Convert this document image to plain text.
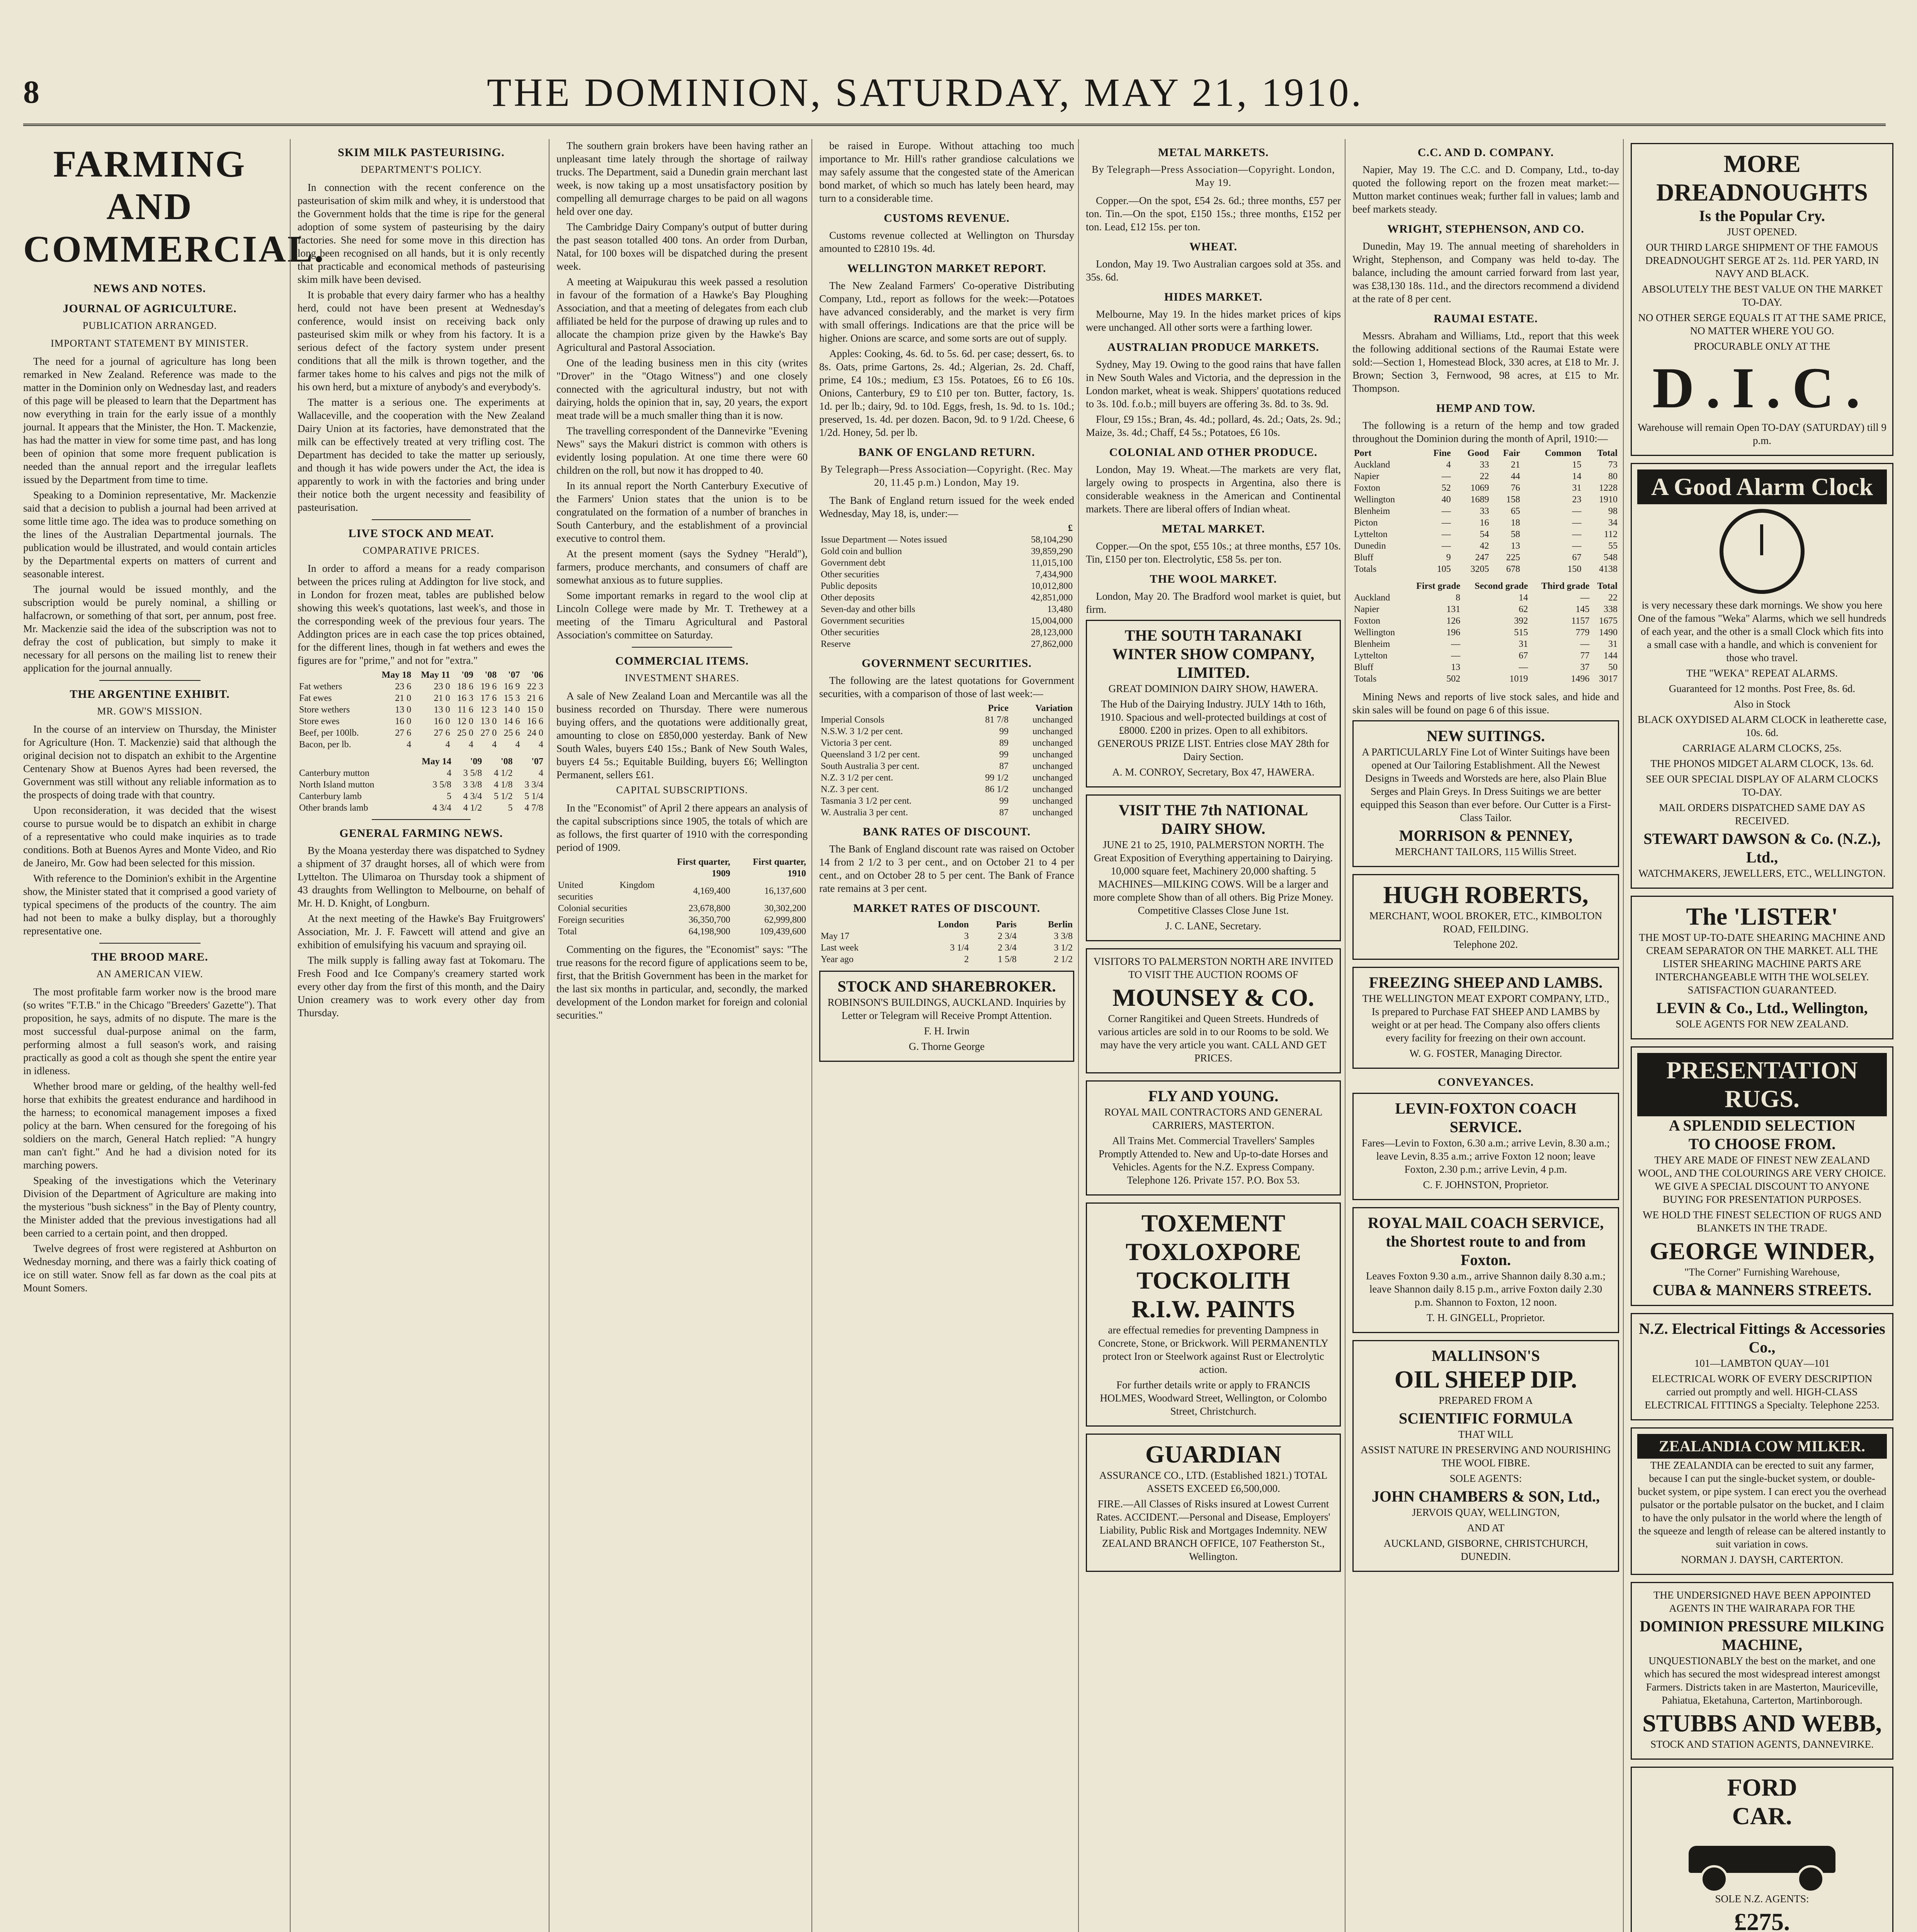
8	THE DOMINION, SATURDAY, MAY 21, 1910.
FARMING AND COMMERCIAL.
NEWS AND NOTES.
JOURNAL OF AGRICULTURE.
PUBLICATION ARRANGED.
IMPORTANT STATEMENT BY MINISTER.

The need for a journal of agriculture has long been remarked in New Zealand. Reference was made to the matter in the Dominion only on Wednesday last, and readers of this page will be pleased to learn that the Department has now everything in train for the early issue of a monthly journal. It appears that the Minister, the Hon. T. Mackenzie, has had the matter in view for some time past, and has long been of opinion that some more frequent publication is needed than the annual report and the irregular leaflets issued by the Department from time to time.

Speaking to a Dominion representative, Mr. Mackenzie said that a decision to publish a journal had been arrived at some little time ago. The idea was to produce something on the lines of the Australian Departmental journals. The publication would be illustrated, and would contain articles by the Departmental experts on matters of current and seasonable interest.

The journal would be issued monthly, and the subscription would be purely nominal, a shilling or halfacrown, or something of that sort, per annum, post free. Mr. Mackenzie said the idea of the subscription was not to defray the cost of publication, but simply to make it necessary for all persons on the mailing list to renew their application for the journal annually.

THE ARGENTINE EXHIBIT.
MR. GOW'S MISSION.

In the course of an interview on Thursday, the Minister for Agriculture (Hon. T. Mackenzie) said that although the original decision not to dispatch an exhibit to the Argentine Centenary Show at Buenos Ayres had been reversed, the Government was still without any reliable information as to the prospects of doing trade with that country.

Upon reconsideration, it was decided that the wisest course to pursue would be to dispatch an exhibit in charge of a representative who could make inquiries as to trade conditions. Both at Buenos Ayres and Monte Video, and Rio de Janeiro, Mr. Gow had been selected for this mission.

With reference to the Dominion's exhibit in the Argentine show, the Minister stated that it comprised a good variety of typical specimens of the products of the country. The aim had not been to make a bulky display, but a thoroughly representative one.

THE BROOD MARE.
AN AMERICAN VIEW.

The most profitable farm worker now is the brood mare (so writes "F.T.B." in the Chicago "Breeders' Gazette"). That proposition, he says, admits of no dispute. The mare is the most successful dual-purpose animal on the farm, performing almost a full season's work, and raising practically as good a colt as though she spent the entire year in idleness.

Whether brood mare or gelding, of the healthy well-fed horse that exhibits the greatest endurance and hardihood in the harness; to economical management imposes a fixed policy at the barn. When censured for the foregoing of his soldiers on the march, General Hatch replied: "A hungry man can't fight." And he had a division noted for its marching powers.

Speaking of the investigations which the Veterinary Division of the Department of Agriculture are making into the mysterious "bush sickness" in the Bay of Plenty country, the Minister added that the previous investigations had all been carried to a certain point, and then dropped.

Twelve degrees of frost were registered at Ashburton on Wednesday morning, and there was a fairly thick coating of ice on still water. Snow fell as far down as the coal pits at Mount Somers.

SKIM MILK PASTEURISING.
DEPARTMENT'S POLICY.

In connection with the recent conference on the pasteurisation of skim milk and whey, it is understood that the Government holds that the time is ripe for the general adoption of some system of pasteurising by the dairy factories. She need for some move in this direction has long been recognised on all hands, but it is only recently that practicable and economical methods of pasteurising skim milk have been devised.

It is probable that every dairy farmer who has a healthy herd, could not have been present at Wednesday's conference, would insist on receiving back only pasteurised skim milk or whey from his factory. It is a serious defect of the factory system under present conditions that all the milk is thrown together, and the farmer takes home to his calves and pigs not the milk of his own herd, but a mixture of anybody's and everybody's.

The matter is a serious one. The experiments at Wallaceville, and the cooperation with the New Zealand Dairy Union at its factories, have demonstrated that the milk can be effectively treated at very trifling cost. The Department has decided to take the matter up seriously, and though it has wide powers under the Act, the idea is apparently to work in with the factories and bring under their notice both the urgent necessity and feasibility of pasteurisation.

LIVE STOCK AND MEAT.
COMPARATIVE PRICES.

In order to afford a means for a ready comparison between the prices ruling at Addington for live stock, and in London for frozen meat, tables are published below showing this week's quotations, last week's, and those in the corresponding week of the previous four years. The Addington prices are in each case the top prices obtained, for the different lines, though in fat wethers and ewes the figures are for "prime," and not for "extra."

	May 18	May 11	'09	'08	'07	'06
Fat wethers	23 6	23 0	18 6	19 6	16 9	22 3
Fat ewes	21 0	21 0	16 3	17 6	15 3	21 6
Store wethers	13 0	13 0	11 6	12 3	14 0	15 0
Store ewes	16 0	16 0	12 0	13 0	14 6	16 6
Beef, per 100lb.	27 6	27 6	25 0	27 0	25 6	24 0
Bacon, per lb.	4	4	4	4	4	4
	May 14	'09	'08	'07
Canterbury mutton	4	3 5/8	4 1/2	4
North Island mutton	3 5/8	3 3/8	4 1/8	3 3/4
Canterbury lamb	5	4 3/4	5 1/2	5 1/4
Other brands lamb	4 3/4	4 1/2	5	4 7/8
GENERAL FARMING NEWS.

By the Moana yesterday there was dispatched to Sydney a shipment of 37 draught horses, all of which were from Lyttelton. The Ulimaroa on Thursday took a shipment of 43 draughts from Wellington to Melbourne, on behalf of Mr. H. D. Knight, of Longburn.

At the next meeting of the Hawke's Bay Fruitgrowers' Association, Mr. J. F. Fawcett will attend and give an exhibition of emulsifying his vacuum and spraying oil.

The milk supply is falling away fast at Tokomaru. The Fresh Food and Ice Company's creamery started work every other day from the first of this month, and the Dairy Union creamery was to work every other day from Thursday.

The southern grain brokers have been having rather an unpleasant time lately through the shortage of railway trucks. The Department, said a Dunedin grain merchant last week, is now taking up a most unsatisfactory position by compelling all demurrage charges to be paid on all wagons held over one day.

The Cambridge Dairy Company's output of butter during the past season totalled 400 tons. An order from Durban, Natal, for 100 boxes will be dispatched during the present week.

A meeting at Waipukurau this week passed a resolution in favour of the formation of a Hawke's Bay Ploughing Association, and that a meeting of delegates from each club affiliated be held for the purpose of drawing up rules and to allocate the champion prize given by the Hawke's Bay Agricultural and Pastoral Association.

One of the leading business men in this city (writes "Drover" in the "Otago Witness") and one closely connected with the agricultural industry, but not with dairying, holds the opinion that in, say, 20 years, the export meat trade will be a much smaller thing than it is now.

The travelling correspondent of the Dannevirke "Evening News" says the Makuri district is common with others is evidently losing population. At one time there were 60 children on the roll, but now it has dropped to 40.

In its annual report the North Canterbury Executive of the Farmers' Union states that the union is to be congratulated on the formation of a number of branches in South Canterbury, and the establishment of a provincial executive to control them.

At the present moment (says the Sydney "Herald"), farmers, produce merchants, and consumers of chaff are somewhat anxious as to future supplies.

Some important remarks in regard to the wool clip at Lincoln College were made by Mr. T. Trethewey at a meeting of the Timaru Agricultural and Pastoral Association's committee on Saturday.

COMMERCIAL ITEMS.
INVESTMENT SHARES.

A sale of New Zealand Loan and Mercantile was all the business recorded on Thursday. There were numerous buying offers, and the quotations were additionally great, amounting to close on £850,000 yesterday. Bank of New South Wales, buyers £40 15s.; Bank of New South Wales, buyers £4 5s.; Equitable Building, buyers £6; Wellington Permanent, sellers £61.

CAPITAL SUBSCRIPTIONS.

In the "Economist" of April 2 there appears an analysis of the capital subscriptions since 1905, the totals of which are as follows, the first quarter of 1910 with the corresponding period of 1909.

	First quarter, 1909	First quarter, 1910
United Kingdom securities	4,169,400	16,137,600
Colonial securities	23,678,800	30,302,200
Foreign securities	36,350,700	62,999,800
Total	64,198,900	109,439,600

Commenting on the figures, the "Economist" says: "The true reasons for the record figure of applications seem to be, first, that the British Government has been in the market for the last six months in particular, and, secondly, the marked development of the London market for foreign and colonial securities."

be raised in Europe. Without attaching too much importance to Mr. Hill's rather grandiose calculations we may safely assume that the congested state of the American bond market, of which so much has lately been heard, may turn to a considerable time.

CUSTOMS REVENUE.

Customs revenue collected at Wellington on Thursday amounted to £2810 19s. 4d.

WELLINGTON MARKET REPORT.

The New Zealand Farmers' Co-operative Distributing Company, Ltd., report as follows for the week:—Potatoes have advanced considerably, and the market is very firm with small offerings. Indications are that the price will be higher. Onions are scarce, and some sorts are out of supply.

Apples: Cooking, 4s. 6d. to 5s. 6d. per case; dessert, 6s. to 8s. Oats, prime Gartons, 2s. 4d.; Algerian, 2s. 2d. Chaff, prime, £4 10s.; medium, £3 15s. Potatoes, £6 to £6 10s. Onions, Canterbury, £9 to £10 per ton. Butter, factory, 1s. 1d. per lb.; dairy, 9d. to 10d. Eggs, fresh, 1s. 9d. to 1s. 10d.; preserved, 1s. 4d. per dozen. Bacon, 9d. to 9 1/2d. Cheese, 6 1/2d. Honey, 5d. per lb.

BANK OF ENGLAND RETURN.
By Telegraph—Press Association—Copyright. (Rec. May 20, 11.45 p.m.) London, May 19.

The Bank of England return issued for the week ended Wednesday, May 18, is, under:—

	£
Issue Department — Notes issued	58,104,290
Gold coin and bullion	39,859,290
Government debt	11,015,100
Other securities	7,434,900
Public deposits	10,012,800
Other deposits	42,851,000
Seven-day and other bills	13,480
Government securities	15,004,000
Other securities	28,123,000
Reserve	27,862,000
GOVERNMENT SECURITIES.

The following are the latest quotations for Government securities, with a comparison of those of last week:—

	Price	Variation
Imperial Consols	81 7/8	unchanged
N.S.W. 3 1/2 per cent.	99	unchanged
Victoria 3 per cent.	89	unchanged
Queensland 3 1/2 per cent.	99	unchanged
South Australia 3 per cent.	87	unchanged
N.Z. 3 1/2 per cent.	99 1/2	unchanged
N.Z. 3 per cent.	86 1/2	unchanged
Tasmania 3 1/2 per cent.	99	unchanged
W. Australia 3 per cent.	87	unchanged
BANK RATES OF DISCOUNT.

The Bank of England discount rate was raised on October 14 from 2 1/2 to 3 per cent., and on October 21 to 4 per cent., and on October 28 to 5 per cent. The Bank of France rate remains at 3 per cent.

MARKET RATES OF DISCOUNT.
	London	Paris	Berlin
May 17	3	2 3/4	3 3/8
Last week	3 1/4	2 3/4	3 1/2
Year ago	2	1 5/8	2 1/2
STOCK AND SHAREBROKER.

ROBINSON'S BUILDINGS, AUCKLAND. Inquiries by Letter or Telegram will Receive Prompt Attention.

F. H. Irwin

G. Thorne George

METAL MARKETS.
By Telegraph—Press Association—Copyright. London, May 19.

Copper.—On the spot, £54 2s. 6d.; three months, £57 per ton. Tin.—On the spot, £150 15s.; three months, £152 per ton. Lead, £12 15s. per ton.

WHEAT.

London, May 19. Two Australian cargoes sold at 35s. and 35s. 6d.

HIDES MARKET.

Melbourne, May 19. In the hides market prices of kips were unchanged. All other sorts were a farthing lower.

AUSTRALIAN PRODUCE MARKETS.

Sydney, May 19. Owing to the good rains that have fallen in New South Wales and Victoria, and the depression in the London market, wheat is weak. Shippers' quotations reduced to 3s. 10d. f.o.b.; mill buyers are offering 3s. 8d. to 3s. 9d.

Flour, £9 15s.; Bran, 4s. 4d.; pollard, 4s. 2d.; Oats, 2s. 9d.; Maize, 3s. 4d.; Chaff, £4 5s.; Potatoes, £6 10s.

COLONIAL AND OTHER PRODUCE.

London, May 19. Wheat.—The markets are very flat, largely owing to prospects in Argentina, also there is considerable weakness in the American and Continental markets. There are liberal offers of Indian wheat.

METAL MARKET.

Copper.—On the spot, £55 10s.; at three months, £57 10s. Tin, £150 per ton. Electrolytic, £58 5s. per ton.

THE WOOL MARKET.

London, May 20. The Bradford wool market is quiet, but firm.

THE SOUTH TARANAKI WINTER SHOW COMPANY, LIMITED.

GREAT DOMINION DAIRY SHOW, HAWERA.

The Hub of the Dairying Industry. JULY 14th to 16th, 1910. Spacious and well-protected buildings at cost of £8000. £200 in prizes. Open to all exhibitors. GENEROUS PRIZE LIST. Entries close MAY 28th for Dairy Section.

A. M. CONROY, Secretary, Box 47, HAWERA.

VISIT THE 7th NATIONAL DAIRY SHOW.

JUNE 21 to 25, 1910, PALMERSTON NORTH. The Great Exposition of Everything appertaining to Dairying. 10,000 square feet, Machinery 20,000 shafting. 5 MACHINES—MILKING COWS. Will be a larger and more complete Show than of all others. Big Prize Money. Competitive Classes Close June 1st.

J. C. LANE, Secretary.

VISITORS TO PALMERSTON NORTH ARE INVITED TO VISIT THE AUCTION ROOMS OF

MOUNSEY & CO.

Corner Rangitikei and Queen Streets. Hundreds of various articles are sold in to our Rooms to be sold. We may have the very article you want. CALL AND GET PRICES.

FLY AND YOUNG.

ROYAL MAIL CONTRACTORS AND GENERAL CARRIERS, MASTERTON.

All Trains Met. Commercial Travellers' Samples Promptly Attended to. New and Up-to-date Horses and Vehicles. Agents for the N.Z. Express Company. Telephone 126. Private 157. P.O. Box 53.

TOXEMENT
TOXLOXPORE
TOCKOLITH
R.I.W. PAINTS

are effectual remedies for preventing Dampness in Concrete, Stone, or Brickwork. Will PERMANENTLY protect Iron or Steelwork against Rust or Electrolytic action.

For further details write or apply to FRANCIS HOLMES, Woodward Street, Wellington, or Colombo Street, Christchurch.

GUARDIAN

ASSURANCE CO., LTD. (Established 1821.) TOTAL ASSETS EXCEED £6,500,000.

FIRE.—All Classes of Risks insured at Lowest Current Rates. ACCIDENT.—Personal and Disease, Employers' Liability, Public Risk and Mortgages Indemnity. NEW ZEALAND BRANCH OFFICE, 107 Featherston St., Wellington.

C.C. AND D. COMPANY.

Napier, May 19. The C.C. and D. Company, Ltd., to-day quoted the following report on the frozen meat market:—Mutton market continues weak; further fall in values; lamb and beef markets steady.

WRIGHT, STEPHENSON, AND CO.

Dunedin, May 19. The annual meeting of shareholders in Wright, Stephenson, and Company was held to-day. The balance, including the amount carried forward from last year, was £38,130 18s. 11d., and the directors recommend a dividend at the rate of 8 per cent.

RAUMAI ESTATE.

Messrs. Abraham and Williams, Ltd., report that this week the following additional sections of the Raumai Estate were sold:—Section 1, Homestead Block, 330 acres, at £18 to Mr. J. Brown; Section 3, Fernwood, 98 acres, at £15 to Mr. Thompson.

HEMP AND TOW.

The following is a return of the hemp and tow graded throughout the Dominion during the month of April, 1910:—

Port	Fine	Good	Fair	Common	Total
Auckland	4	33	21	15	73
Napier	—	22	44	14	80
Foxton	52	1069	76	31	1228
Wellington	40	1689	158	23	1910
Blenheim	—	33	65	—	98
Picton	—	16	18	—	34
Lyttelton	—	54	58	—	112
Dunedin	—	42	13	—	55
Bluff	9	247	225	67	548
Totals	105	3205	678	150	4138
	First grade	Second grade	Third grade	Total
Auckland	8	14	—	22
Napier	131	62	145	338
Foxton	126	392	1157	1675
Wellington	196	515	779	1490
Blenheim	—	31	—	31
Lyttelton	—	67	77	144
Bluff	13	—	37	50
Totals	502	1019	1496	3017

Mining News and reports of live stock sales, and hide and skin sales will be found on page 6 of this issue.

NEW SUITINGS.

A PARTICULARLY Fine Lot of Winter Suitings have been opened at Our Tailoring Establishment. All the Newest Designs in Tweeds and Worsteds are here, also Plain Blue Serges and Plain Greys. In Dress Suitings we are better equipped this Season than ever before. Our Cutter is a First-Class Tailor.

MORRISON & PENNEY,

MERCHANT TAILORS, 115 Willis Street.

HUGH ROBERTS,

MERCHANT, WOOL BROKER, ETC., KIMBOLTON ROAD, FEILDING.

Telephone 202.

FREEZING SHEEP AND LAMBS.

THE WELLINGTON MEAT EXPORT COMPANY, LTD., Is prepared to Purchase FAT SHEEP AND LAMBS by weight or at per head. The Company also offers clients every facility for freezing on their own account.

W. G. FOSTER, Managing Director.

CONVEYANCES.
LEVIN-FOXTON COACH SERVICE.

Fares—Levin to Foxton, 6.30 a.m.; arrive Levin, 8.30 a.m.; leave Levin, 8.35 a.m.; arrive Foxton 12 noon; leave Foxton, 2.30 p.m.; arrive Levin, 4 p.m.

C. F. JOHNSTON, Proprietor.

ROYAL MAIL COACH SERVICE, the Shortest route to and from Foxton.

Leaves Foxton 9.30 a.m., arrive Shannon daily 8.30 a.m.; leave Shannon daily 8.15 p.m., arrive Foxton daily 2.30 p.m. Shannon to Foxton, 12 noon.

T. H. GINGELL, Proprietor.

MALLINSON'S
OIL SHEEP DIP.

PREPARED FROM A

SCIENTIFIC FORMULA

THAT WILL

ASSIST NATURE IN PRESERVING AND NOURISHING THE WOOL FIBRE.

SOLE AGENTS:

JOHN CHAMBERS & SON, Ltd.,

JERVOIS QUAY, WELLINGTON,

AND AT

AUCKLAND, GISBORNE, CHRISTCHURCH, DUNEDIN.

MORE DREADNOUGHTS
Is the Popular Cry.

JUST OPENED.

OUR THIRD LARGE SHIPMENT OF THE FAMOUS DREADNOUGHT SERGE AT 2s. 11d. PER YARD, IN NAVY AND BLACK.

ABSOLUTELY THE BEST VALUE ON THE MARKET TO-DAY.

NO OTHER SERGE EQUALS IT AT THE SAME PRICE, NO MATTER WHERE YOU GO.

PROCURABLE ONLY AT THE

D.I.C.

Warehouse will remain Open TO-DAY (SATURDAY) till 9 p.m.

A Good Alarm Clock

is very necessary these dark mornings. We show you here One of the famous "Weka" Alarms, which we sell hundreds of each year, and the other is a small Clock which fits into a small case with a handle, and which is convenient for those who travel.

THE "WEKA" REPEAT ALARMS.

Guaranteed for 12 months. Post Free, 8s. 6d.

Also in Stock

BLACK OXYDISED ALARM CLOCK in leatherette case, 10s. 6d.

CARRIAGE ALARM CLOCKS, 25s.

THE PHONOS MIDGET ALARM CLOCK, 13s. 6d.

SEE OUR SPECIAL DISPLAY OF ALARM CLOCKS TO-DAY.

MAIL ORDERS DISPATCHED SAME DAY AS RECEIVED.

STEWART DAWSON & Co. (N.Z.), Ltd.,

WATCHMAKERS, JEWELLERS, ETC., WELLINGTON.

The 'LISTER'

THE MOST UP-TO-DATE SHEARING MACHINE AND CREAM SEPARATOR ON THE MARKET. ALL THE LISTER SHEARING MACHINE PARTS ARE INTERCHANGEABLE WITH THE WOLSELEY. SATISFACTION GUARANTEED.

LEVIN & Co., Ltd., Wellington,

SOLE AGENTS FOR NEW ZEALAND.

PRESENTATION RUGS.
A SPLENDID SELECTION
TO CHOOSE FROM.

THEY ARE MADE OF FINEST NEW ZEALAND WOOL, AND THE COLOURINGS ARE VERY CHOICE. WE GIVE A SPECIAL DISCOUNT TO ANYONE BUYING FOR PRESENTATION PURPOSES.

WE HOLD THE FINEST SELECTION OF RUGS AND BLANKETS IN THE TRADE.

GEORGE WINDER,

"The Corner" Furnishing Warehouse,

CUBA & MANNERS STREETS.
N.Z. Electrical Fittings & Accessories Co.,

101—LAMBTON QUAY—101

ELECTRICAL WORK OF EVERY DESCRIPTION carried out promptly and well. HIGH-CLASS ELECTRICAL FITTINGS a Specialty. Telephone 2253.

ZEALANDIA COW MILKER.

THE ZEALANDIA can be erected to suit any farmer, because I can put the single-bucket system, or double-bucket system, or pipe system. I can erect you the overhead pulsator or the portable pulsator on the bucket, and I claim to have the only pulsator in the world where the length of the squeeze and length of release can be altered instantly to suit variation in cows.

NORMAN J. DAYSH, CARTERTON.

THE UNDERSIGNED HAVE BEEN APPOINTED AGENTS IN THE WAIRARAPA FOR THE

DOMINION PRESSURE MILKING MACHINE,

UNQUESTIONABLY the best on the market, and one which has secured the most widespread interest amongst Farmers. Districts taken in are Masterton, Mauriceville, Pahiatua, Eketahuna, Carterton, Martinborough.

STUBBS AND WEBB,

STOCK AND STATION AGENTS, DANNEVIRKE.

FORD
CAR.

SOLE N.Z. AGENTS:

£275.
